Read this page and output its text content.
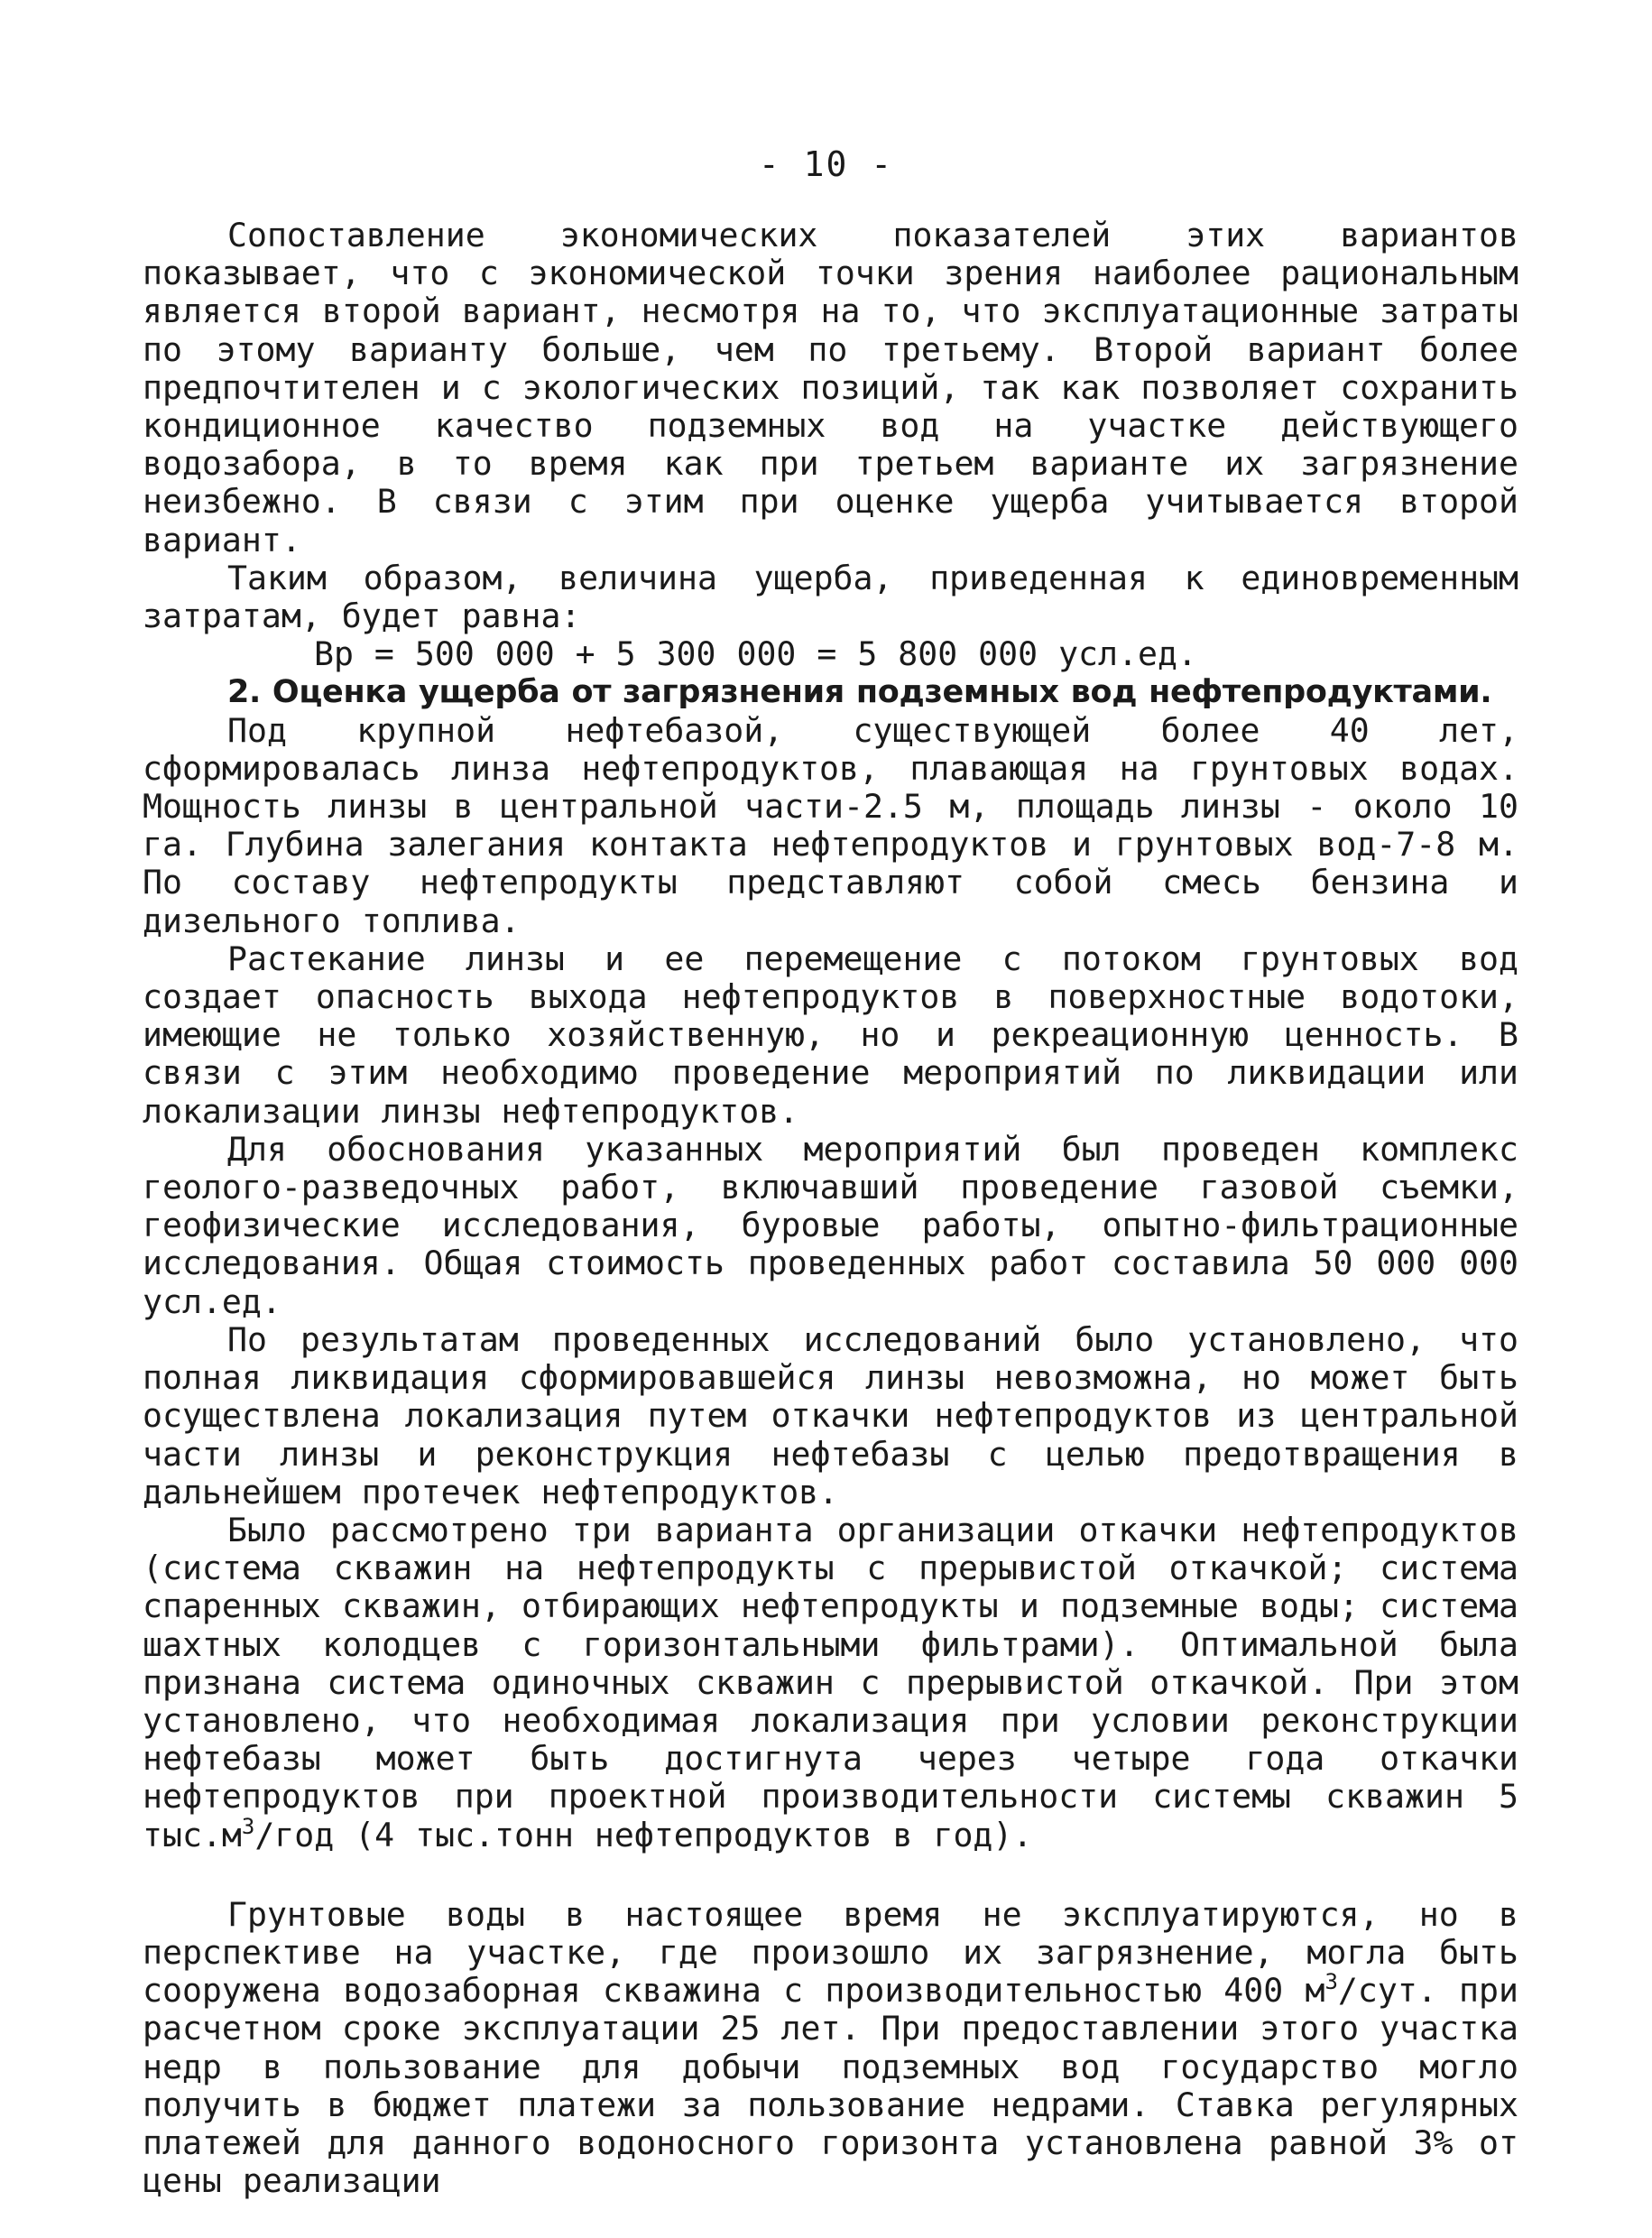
- 10 -

Сопоставление экономических показателей этих вариантов показывает, что с экономической точки зрения наиболее рациональным является второй вариант, несмотря на то, что эксплуатационные затраты по этому варианту больше, чем по третьему. Второй вариант более предпочтителен и с экологических позиций, так как позволяет сохранить кондиционное качество подземных вод на участке действующего водозабора, в то время как при третьем варианте их загрязнение неизбежно. В связи с этим при оценке ущерба учитывается второй вариант.

Таким образом, величина ущерба, приведенная к единовременным затратам, будет равна:

Вр = 500 000 + 5 300 000 = 5 800 000 усл.ед.

2. Оценка ущерба от загрязнения подземных вод нефтепродуктами.

Под крупной нефтебазой, существующей более 40 лет, сформировалась линза нефтепродуктов, плавающая на грунтовых водах. Мощность линзы в центральной части-2.5 м, площадь линзы - около 10 га. Глубина залегания контакта нефтепродуктов и грунтовых вод-7-8 м. По составу нефтепродукты представляют собой смесь бензина и дизельного топлива.

Растекание линзы и ее перемещение с потоком грунтовых вод создает опасность выхода нефтепродуктов в поверхностные водотоки, имеющие не только хозяйственную, но и рекреационную ценность. В связи с этим необходимо проведение мероприятий по ликвидации или локализации линзы нефтепродуктов.

Для обоснования указанных мероприятий был проведен комплекс геолого-разведочных работ, включавший проведение газовой съемки, геофизические исследования, буровые работы, опытно-фильтрационные исследования. Общая стоимость проведенных работ составила 50 000 000 усл.ед.

По результатам проведенных исследований было установлено, что полная ликвидация сформировавшейся линзы невозможна, но может быть осуществлена локализация путем откачки нефтепродуктов из центральной части линзы и реконструкция нефтебазы с целью предотвращения в дальнейшем протечек нефтепродуктов.

Было рассмотрено три варианта организации откачки нефтепродуктов (система скважин на нефтепродукты с прерывистой откачкой; система спаренных скважин, отбирающих нефтепродукты и подземные воды; система шахтных колодцев с горизонтальными фильтрами). Оптимальной была признана система одиночных скважин с прерывистой откачкой. При этом установлено, что необходимая локализация при условии реконструкции нефтебазы может быть достигнута через четыре года откачки нефтепродуктов при проектной производительности системы скважин 5 $тыс.м^3$/год (4 тыс.тонн нефтепродуктов в год).

Грунтовые воды в настоящее время не эксплуатируются, но в перспективе на участке, где произошло их загрязнение, могла быть сооружена водозаборная скважина с производительностью 400 $м^3$/сут. при расчетном сроке эксплуатации 25 лет. При предоставлении этого участка недр в пользование для добычи подземных вод государство могло получить в бюджет платежи за пользование недрами. Ставка регулярных платежей для данного водоносного горизонта установлена равной 3% от цены реализации
